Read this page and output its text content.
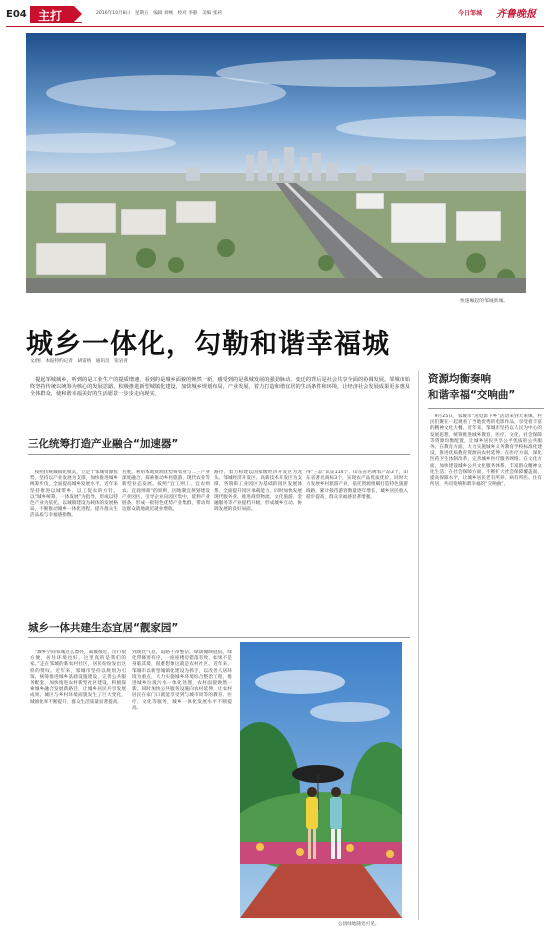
E04 主打	2016年10月8日　星期五　编辑 刘畅　校对 李静　美编 张莉	今日邹城 齐鲁晚报
快速崛起的邹城新城。
城乡一体化，勾勒和谐幸福城
文/图　本报特约记者　胡雷娇　通讯员　张岩青
提起邹城城乡，听到的是工业生产的提质增速，看到的是城乡面貌的焕然一新，感受到的是我城发展的强劲脉动。变迁的背后是社会共享全面的协调发展。邹城市始终坚持传统以统筹为核心的发展思路，积极推进新型城镇化建设，加快城乡规划布局，产业发展，着力打造和谐宜居的生活条件和环境，让经济社会发展成果更多惠及全体群众，使和谐幸福美好的生活愿景一步步走向现实。
三化统筹打造产业融合“加速器”
按照传统城镇化模式，立足于邹城资源优势，坚持以产业发展为支撑，加快推进城乡统筹步伐，全面提高城乡发展水平。近年来坚持推进以城带乡、以工促农的方针，以“城乡统筹、一体发展”为指导，形成以特色产业为依托、以城镇建设为载体的发展格局，不断推动城乡一体化进程，提升群众生活品质与幸福感指数。
名胜，利用本地资源优势将农业与二三产业深度融合，探索推动乡村旅游、现代农业等新型业态发展。按照“宜工则工、宜农则农、宜商则商”的原则，因地制宜规划建设产业园区，引导企业向园区集中，延伸产业链条，形成一批特色优势产业集群，带动周边群众就地就近就业增收。
路径，着力构建以国家级经济开发区为龙头、邹城经济开发区、高新技术开发区为支撑、各镇街工业园区为基础的园区发展体系，全面提升园区承载能力。同时加快发展现代服务业，推进商贸物流、文化旅游、金融服务等产业提档升级，形成城乡互动、协调发展的良好局面。
得“三品”认证114个，山东省名牌农产品3个，山东省著名商标3个，实现农产品优质优价。同时大力发展乡村旅游产业，依托资源禀赋打造特色旅游线路，累计接待游客数量逐年增长，城乡居民收入稳步提高，群众幸福感显著增强。
城乡一体共建生态宜居“靓家园”
“城乡空间邹城这么漂亮，离城很近，出行很方便，居住环境也好，这里真的是我们的家。”走在邹城的新农村社区，居民纷纷发出这样的赞叹。近年来，邹城市坚持以规划为引领，统筹推进城乡基础设施建设，完善公共服务配套，加快推进农村新型社区建设，积极探索城乡融合发展新路径，让城乡居民共享发展成果。城区与乡村环境面貌发生了巨大变化，城镇化率不断提升，群众生活质量显著提高。
到现代气息，道路干净整洁，绿荫掩映庭院，绿化带修剪有序，一座座楼房错落有致，如果不是身临其境，很难想象这就是农村社区。近年来，邹城市以新型城镇化建设为抓手，以改善人居环境为重点，大力实施城乡环境综合整治工程，推进城乡垃圾污水一体化处理，农村面貌焕然一新。同时加快公共服务设施向农村延伸，让农村居民在家门口就能享受到与城市同等的教育、医疗、文化等服务，城乡一体化发展水平不断提高。
公园绿地随处可见。
资源均衡奏响
和谐幸福“交响曲”
9月25日，邹城市“送电影下乡”活动来到大束镇，村民们聚在一起观看了当地优秀的电影作品，享受着丰富的精神文化大餐。近年来，邹城市坚持以人民为中心的发展思想，统筹推进城乡教育、医疗、文化、社会保障等资源均衡配置，让城乡居民共享公平优质的公共服务。在教育方面，大力实施城乡义务教育学校标准化建设，推进优质教育资源向农村延伸；在医疗方面，深化医药卫生体制改革，完善城乡医疗服务网络；在文化方面，加快建设城乡公共文化服务体系，丰富群众精神文化生活；在社会保障方面，不断扩大社会保障覆盖面，提高保障水平，让城乡居民老有所养、病有所医、住有所居，共同奏响和谐幸福的“交响曲”。
